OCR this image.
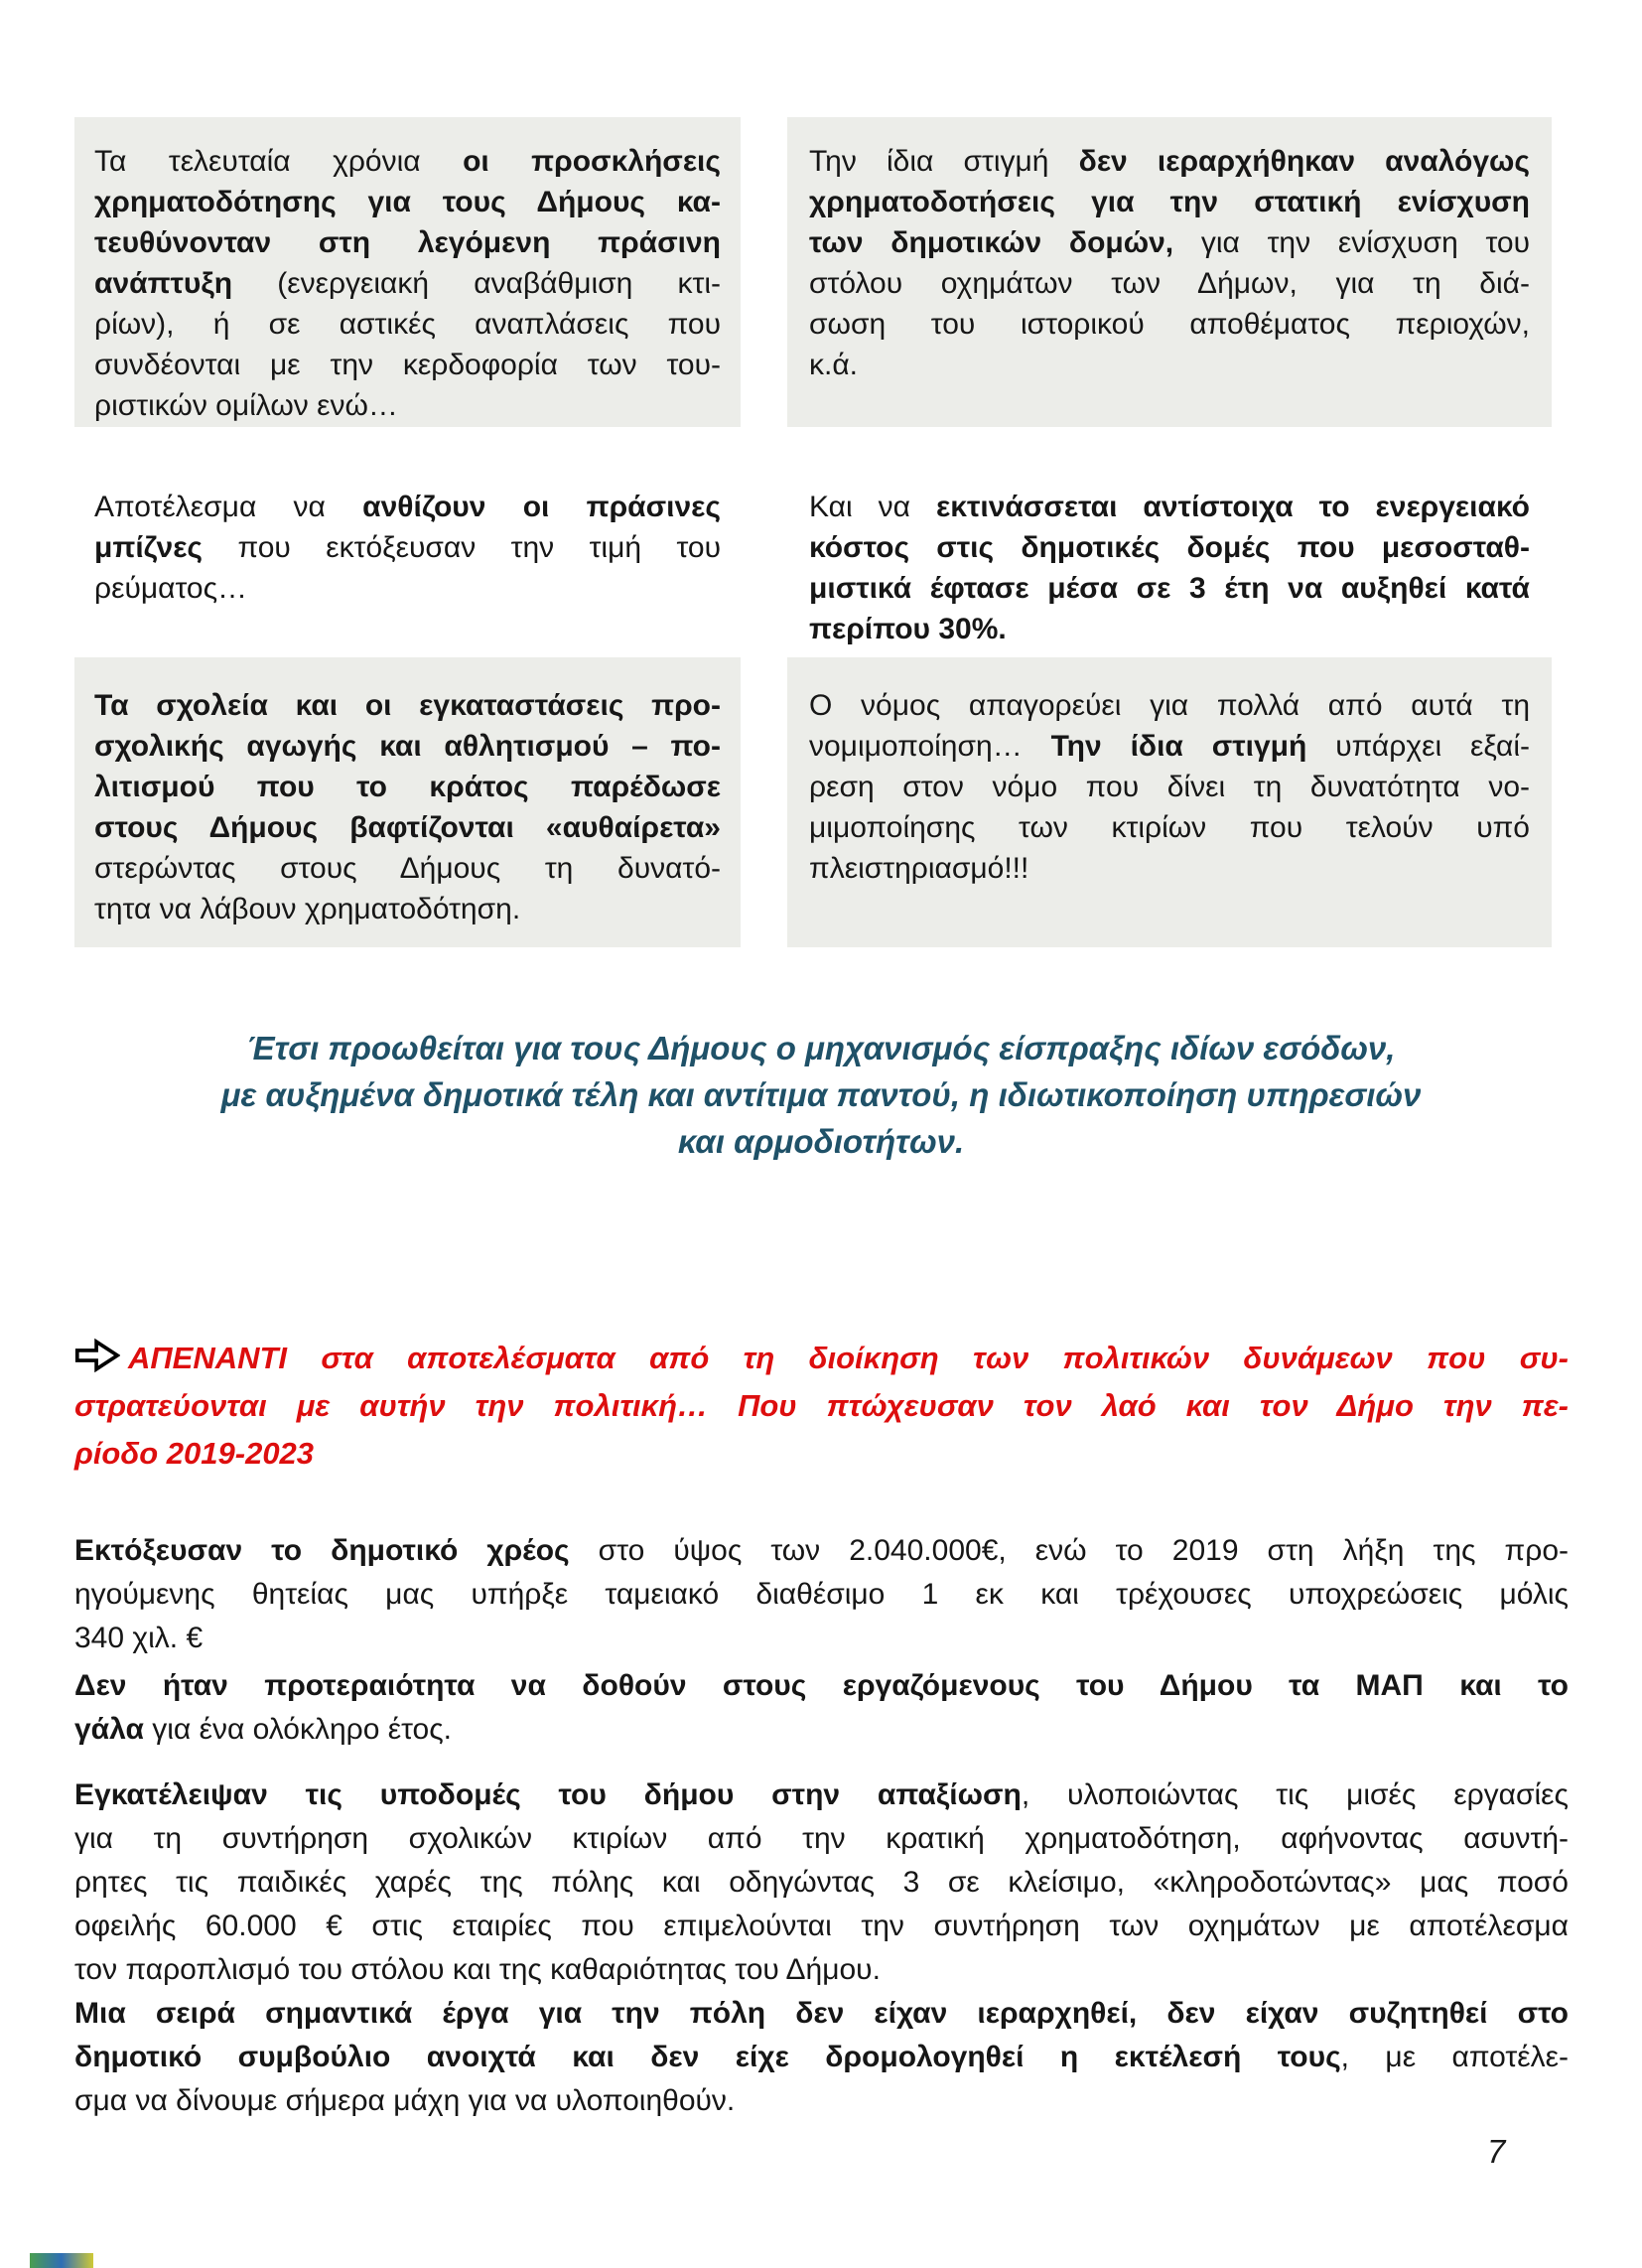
Τα τελευταία χρόνια οι προσκλήσεις
χρηματοδότησης για τους Δήμους κα-
τευθύνονταν στη λεγόμενη πράσινη
ανάπτυξη (ενεργειακή αναβάθμιση κτι-
ρίων), ή σε αστικές αναπλάσεις που
συνδέονται με την κερδοφορία των του-
ριστικών ομίλων ενώ…
Την ίδια στιγμή δεν ιεραρχήθηκαν αναλόγως
χρηματοδοτήσεις για την στατική ενίσχυση
των δημοτικών δομών, για την ενίσχυση του
στόλου οχημάτων των Δήμων, για τη διά-
σωση του ιστορικού αποθέματος περιοχών,
κ.ά.
Αποτέλεσμα να ανθίζουν οι πράσινες
μπίζνες που εκτόξευσαν την τιμή του
ρεύματος…
Και να εκτινάσσεται αντίστοιχα το ενεργειακό
κόστος στις δημοτικές δομές που μεσοσταθ-
μιστικά έφτασε μέσα σε 3 έτη να αυξηθεί κατά
περίπου 30%.
Τα σχολεία και οι εγκαταστάσεις προ-
σχολικής αγωγής και αθλητισμού – πο-
λιτισμού που το κράτος παρέδωσε
στους Δήμους βαφτίζονται «αυθαίρετα»
στερώντας στους Δήμους τη δυνατό-
τητα να λάβουν χρηματοδότηση.
Ο νόμος απαγορεύει για πολλά από αυτά τη
νομιμοποίηση… Την ίδια στιγμή υπάρχει εξαί-
ρεση στον νόμο που δίνει τη δυνατότητα νο-
μιμοποίησης των κτιρίων που τελούν υπό
πλειστηριασμό!!!
Έτσι προωθείται για τους Δήμους ο μηχανισμός είσπραξης ιδίων εσόδων,
με αυξημένα δημοτικά τέλη και αντίτιμα παντού, η ιδιωτικοποίηση υπηρεσιών
και αρμοδιοτήτων.
ΑΠΕΝΑΝΤΙ στα αποτελέσματα από τη διοίκηση των πολιτικών δυνάμεων που συ-
στρατεύονται με αυτήν την πολιτική… Που πτώχευσαν τον λαό και τον Δήμο την πε-
ρίοδο 2019-2023
Εκτόξευσαν το δημοτικό χρέος στο ύψος των 2.040.000€, ενώ το 2019 στη λήξη της προ-
ηγούμενης θητείας μας υπήρξε ταμειακό διαθέσιμο 1 εκ και τρέχουσες υποχρεώσεις μόλις
340 χιλ. €
Δεν ήταν προτεραιότητα να δοθούν στους εργαζόμενους του Δήμου τα ΜΑΠ και το
γάλα για ένα ολόκληρο έτος.
Εγκατέλειψαν τις υποδομές του δήμου στην απαξίωση, υλοποιώντας τις μισές εργασίες
για τη συντήρηση σχολικών κτιρίων από την κρατική χρηματοδότηση, αφήνοντας ασυντή-
ρητες τις παιδικές χαρές της πόλης και οδηγώντας 3 σε κλείσιμο, «κληροδοτώντας» μας ποσό
οφειλής 60.000 € στις εταιρίες που επιμελούνται την συντήρηση των οχημάτων με αποτέλεσμα
τον παροπλισμό του στόλου και της καθαριότητας του Δήμου.
Μια σειρά σημαντικά έργα για την πόλη δεν είχαν ιεραρχηθεί, δεν είχαν συζητηθεί στο
δημοτικό συμβούλιο ανοιχτά και δεν είχε δρομολογηθεί η εκτέλεσή τους, με αποτέλε-
σμα να δίνουμε σήμερα μάχη για να υλοποιηθούν.
7
